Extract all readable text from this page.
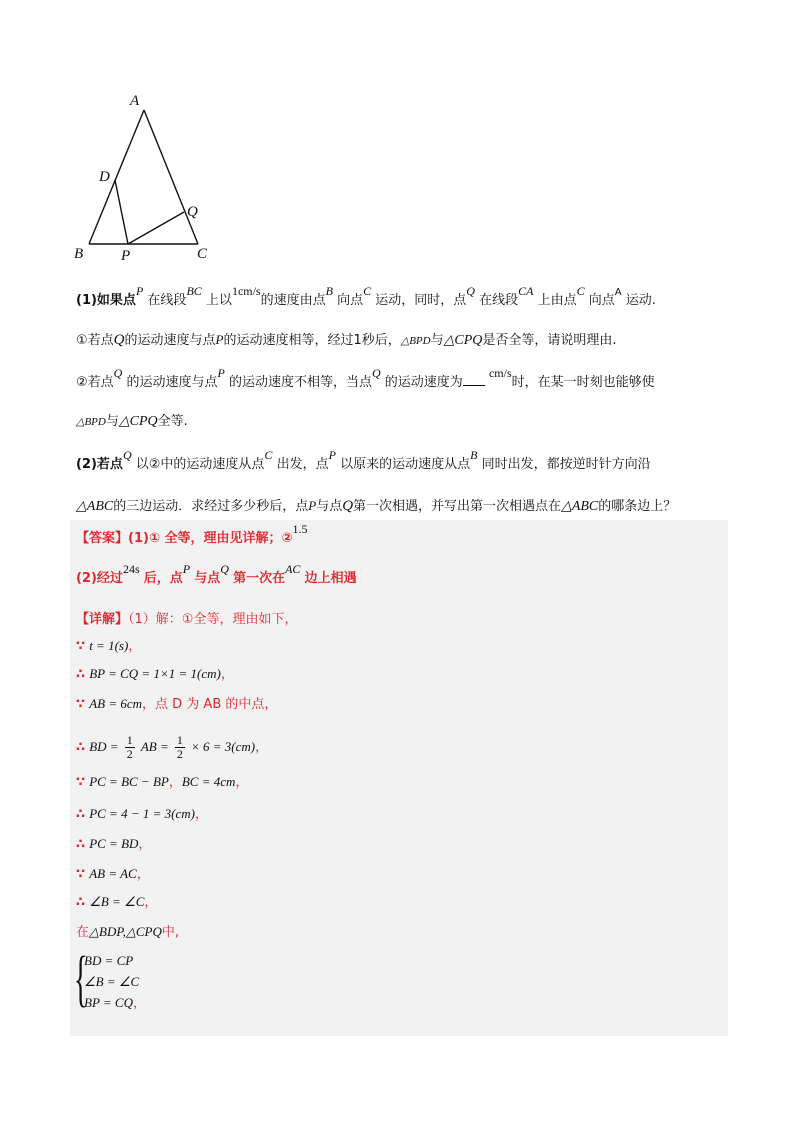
A
D
Q
B	P	C
(1)如果点P 在线段BC 上以1cm/s的速度由点B 向点C 运动，同时，点Q 在线段CA 上由点C 向点$^A$ 运动.
①若点Q的运动速度与点P的运动速度相等，经过1秒后，△BPD与△CPQ是否全等，请说明理由.
②若点Q 的运动速度与点P 的运动速度不相等，当点Q 的运动速度为 cm/s时，在某一时刻也能够使
△BPD与△CPQ全等.
(2)若点Q 以②中的运动速度从点C 出发，点P 以原来的运动速度从点B 同时出发，都按逆时针方向沿
△ABC的三边运动．求经过多少秒后，点P与点Q第一次相遇，并写出第一次相遇点在△ABC的哪条边上？
【答案】(1)① 全等，理由见详解；②1.5
(2)经过24s 后，点P 与点Q 第一次在AC 边上相遇
【详解】（1）解：①全等，理由如下，
∵ t = 1(s)，
∴ BP = CQ = 1×1 = 1(cm)，
∵ AB = 6cm，点 D 为 AB 的中点，
∴ BD = $\frac{1}{2}$ AB = $\frac{1}{2} \times 6 = 3(cm)$，
∵ PC = BC − BP，BC = 4cm，
∴ PC = 4 − 1 = 3(cm)，
∴ PC = BD，
∵ AB = AC，
∴ ∠B = ∠C，
在△BDP,△CPQ中,
{
BD = CP
∠B = ∠C
BP = CQ，
